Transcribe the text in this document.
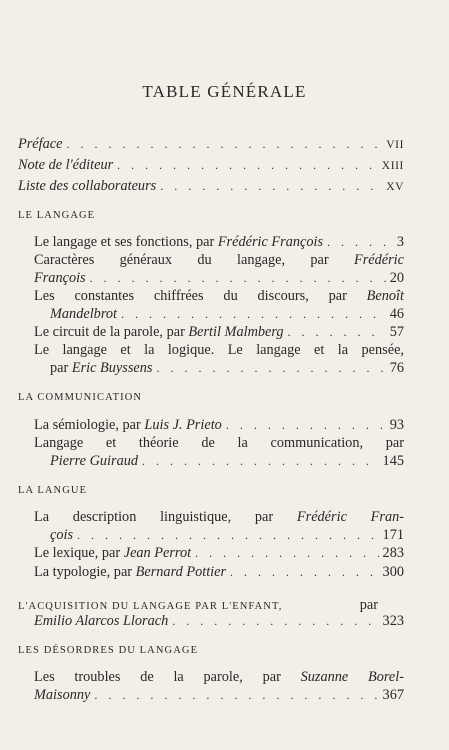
TABLE GÉNÉRALE
Préface . . .	VII
Note de l'éditeur . . .	XIII
Liste des collaborateurs . . .	XV
LE LANGAGE
Le langage et ses fonctions, par Frédéric François . . .	3
Caractères généraux du langage, par Frédéric
François . . .	20
Les constantes chiffrées du discours, par Benoît
Mandelbrot . . .	46
Le circuit de la parole, par Bertil Malmberg . . .	57
Le langage et la logique. Le langage et la pensée,
par Eric Buyssens . . .	76
LA COMMUNICATION
La sémiologie, par Luis J. Prieto . . .	93
Langage et théorie de la communication, par
Pierre Guiraud . . .	145
LA LANGUE
La description linguistique, par Frédéric Fran-
çois . . .	171
Le lexique, par Jean Perrot . . .	283
La typologie, par Bernard Pottier . . .	300
L'ACQUISITION DU LANGAGE PAR L'ENFANT,	par
Emilio Alarcos Llorach . . .	323
LES DÉSORDRES DU LANGAGE
Les troubles de la parole, par Suzanne Borel-
Maisonny . . .	367
